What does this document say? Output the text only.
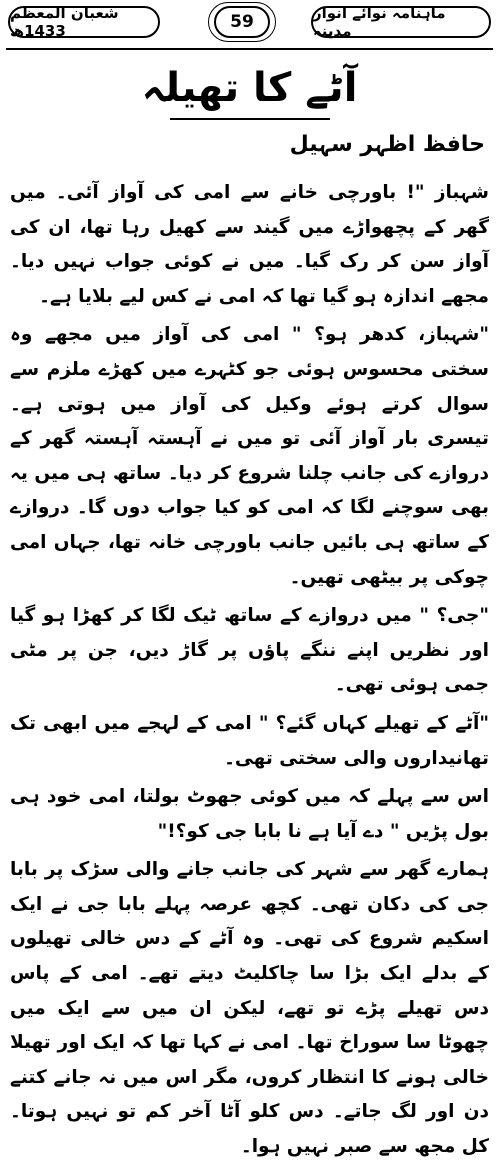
شعبان المعظم 1433ھ	59	ماہنامہ نوائے انوار مدینہ
آٹے کا تھیلہ
حافظ اظہر سہیل

شہباز "! باورچی خانے سے امی کی آواز آئی۔ میں گھر کے پچھواڑے میں گیند سے کھیل رہا تھا، ان کی آواز سن کر رک گیا۔ میں نے کوئی جواب نہیں دیا۔ مجھے اندازہ ہو گیا تھا کہ امی نے کس لیے بلایا ہے۔

"شہباز، کدھر ہو؟ " امی کی آواز میں مجھے وہ سختی محسوس ہوئی جو کٹہرے میں کھڑے ملزم سے سوال کرتے ہوئے وکیل کی آواز میں ہوتی ہے۔ تیسری بار آواز آئی تو میں نے آہستہ آہستہ گھر کے دروازے کی جانب چلنا شروع کر دیا۔ ساتھ ہی میں یہ بھی سوچنے لگا کہ امی کو کیا جواب دوں گا۔ دروازے کے ساتھ ہی بائیں جانب باورچی خانہ تھا، جہاں امی چوکی پر بیٹھی تھیں۔

"جی؟ " میں دروازے کے ساتھ ٹیک لگا کر کھڑا ہو گیا اور نظریں اپنے ننگے پاؤں پر گاڑ دیں، جن پر مٹی جمی ہوئی تھی۔

"آٹے کے تھیلے کہاں گئے؟ " امی کے لہجے میں ابھی تک تھانیداروں والی سختی تھی۔

اس سے پہلے کہ میں کوئی جھوٹ بولتا، امی خود ہی بول پڑیں " دے آیا ہے نا بابا جی کو؟!"

ہمارے گھر سے شہر کی جانب جانے والی سڑک پر بابا جی کی دکان تھی۔ کچھ عرصہ پہلے بابا جی نے ایک اسکیم شروع کی تھی۔ وہ آٹے کے دس خالی تھیلوں کے بدلے ایک بڑا سا چاکلیٹ دیتے تھے۔ امی کے پاس دس تھیلے پڑے تو تھے، لیکن ان میں سے ایک میں چھوٹا سا سوراخ تھا۔ امی نے کہا تھا کہ ایک اور تھیلا خالی ہونے کا انتظار کروں، مگر اس میں نہ جانے کتنے دن اور لگ جاتے۔ دس کلو آٹا آخر کم تو نہیں ہوتا۔ کل مجھ سے صبر نہیں ہوا۔
